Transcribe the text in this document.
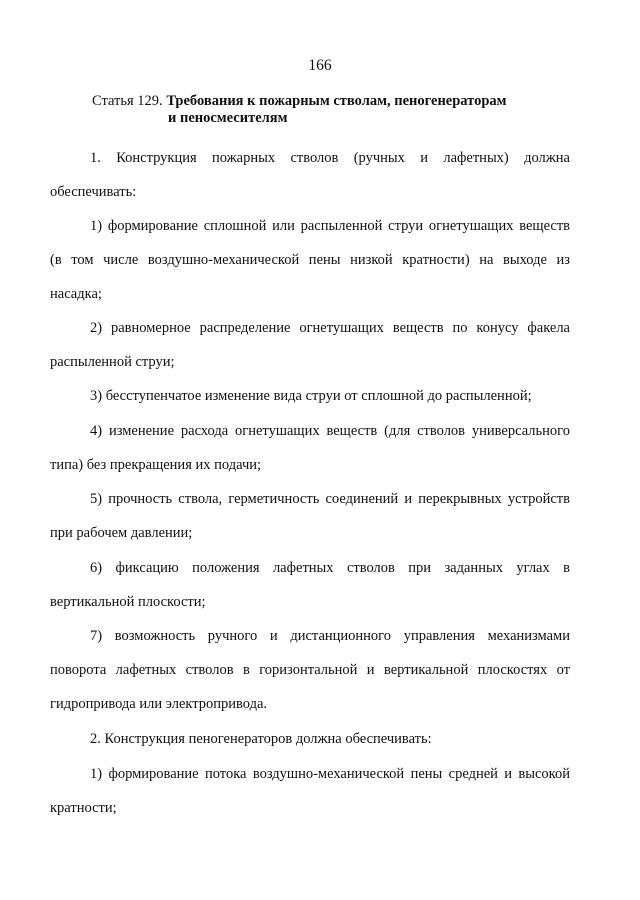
166
Статья 129. Требования к пожарным стволам, пеногенераторам
и пеносмесителям

1. Конструкция пожарных стволов (ручных и лафетных) должна обеспечивать:

1) формирование сплошной или распыленной струи огнетушащих веществ (в том числе воздушно-механической пены низкой кратности) на выходе из насадка;

2) равномерное распределение огнетушащих веществ по конусу факела распыленной струи;

3) бесступенчатое изменение вида струи от сплошной до распыленной;

4) изменение расхода огнетушащих веществ (для стволов универсального типа) без прекращения их подачи;

5) прочность ствола, герметичность соединений и перекрывных устройств при рабочем давлении;

6) фиксацию положения лафетных стволов при заданных углах в вертикальной плоскости;

7) возможность ручного и дистанционного управления механизмами поворота лафетных стволов в горизонтальной и вертикальной плоскостях от гидропривода или электропривода.

2. Конструкция пеногенераторов должна обеспечивать:

1) формирование потока воздушно-механической пены средней и высокой кратности;
